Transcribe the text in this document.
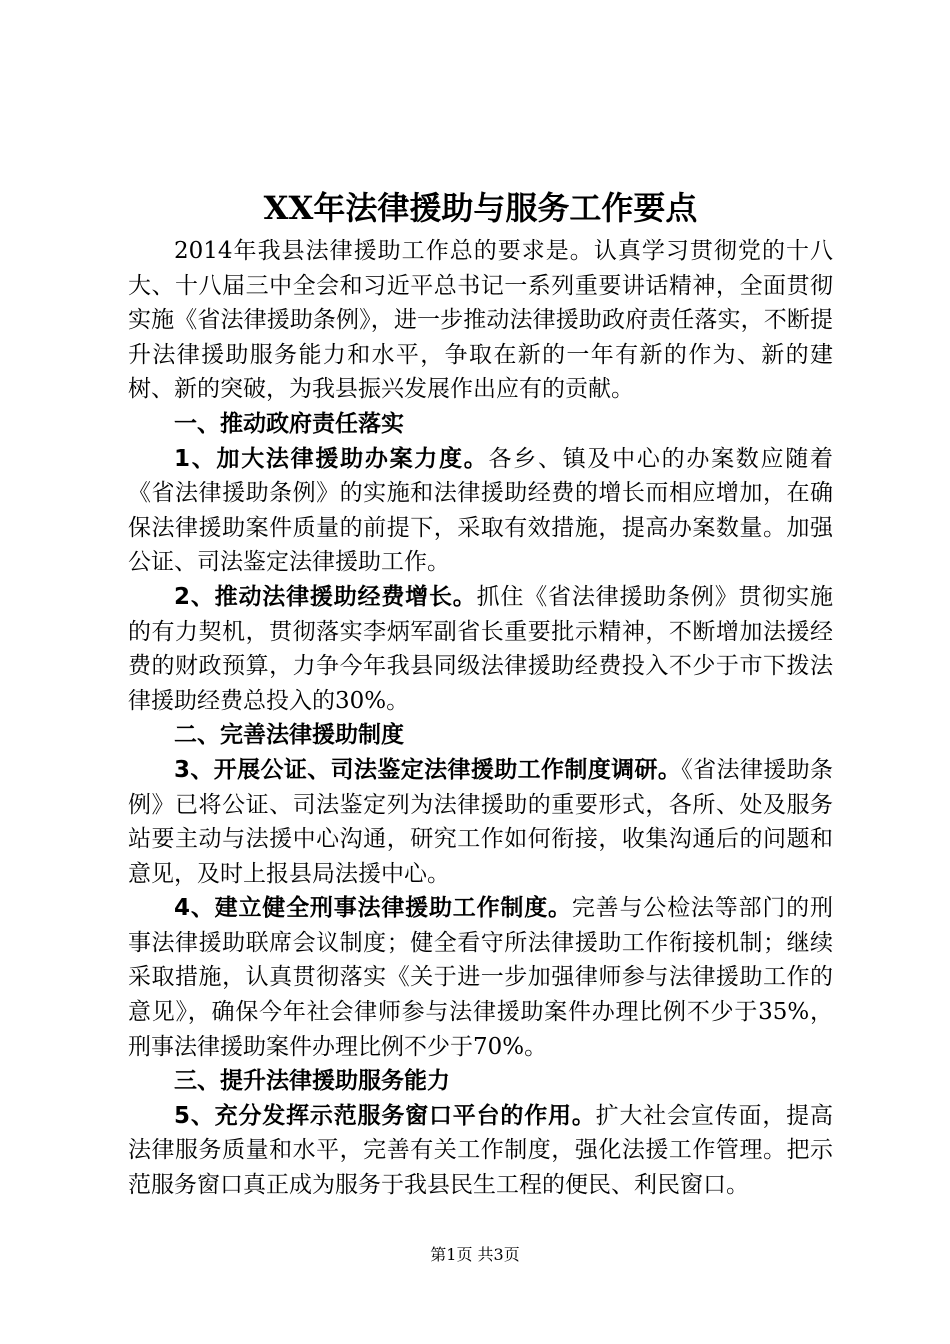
XX年法律援助与服务工作要点

2014年我县法律援助工作总的要求是。认真学习贯彻党的十八大、十八届三中全会和习近平总书记一系列重要讲话精神，全面贯彻实施《省法律援助条例》，进一步推动法律援助政府责任落实，不断提升法律援助服务能力和水平，争取在新的一年有新的作为、新的建树、新的突破，为我县振兴发展作出应有的贡献。

一、推动政府责任落实

1、加大法律援助办案力度。各乡、镇及中心的办案数应随着《省法律援助条例》的实施和法律援助经费的增长而相应增加，在确保法律援助案件质量的前提下，采取有效措施，提高办案数量。加强公证、司法鉴定法律援助工作。

2、推动法律援助经费增长。抓住《省法律援助条例》贯彻实施的有力契机，贯彻落实李炳军副省长重要批示精神，不断增加法援经费的财政预算，力争今年我县同级法律援助经费投入不少于市下拨法律援助经费总投入的30%。

二、完善法律援助制度

3、开展公证、司法鉴定法律援助工作制度调研。《省法律援助条例》已将公证、司法鉴定列为法律援助的重要形式，各所、处及服务站要主动与法援中心沟通，研究工作如何衔接，收集沟通后的问题和意见，及时上报县局法援中心。

4、建立健全刑事法律援助工作制度。完善与公检法等部门的刑事法律援助联席会议制度；健全看守所法律援助工作衔接机制；继续采取措施，认真贯彻落实《关于进一步加强律师参与法律援助工作的意见》，确保今年社会律师参与法律援助案件办理比例不少于35%，刑事法律援助案件办理比例不少于70%。

三、提升法律援助服务能力

5、充分发挥示范服务窗口平台的作用。扩大社会宣传面，提高法律服务质量和水平，完善有关工作制度，强化法援工作管理。把示范服务窗口真正成为服务于我县民生工程的便民、利民窗口。

第1页 共3页
